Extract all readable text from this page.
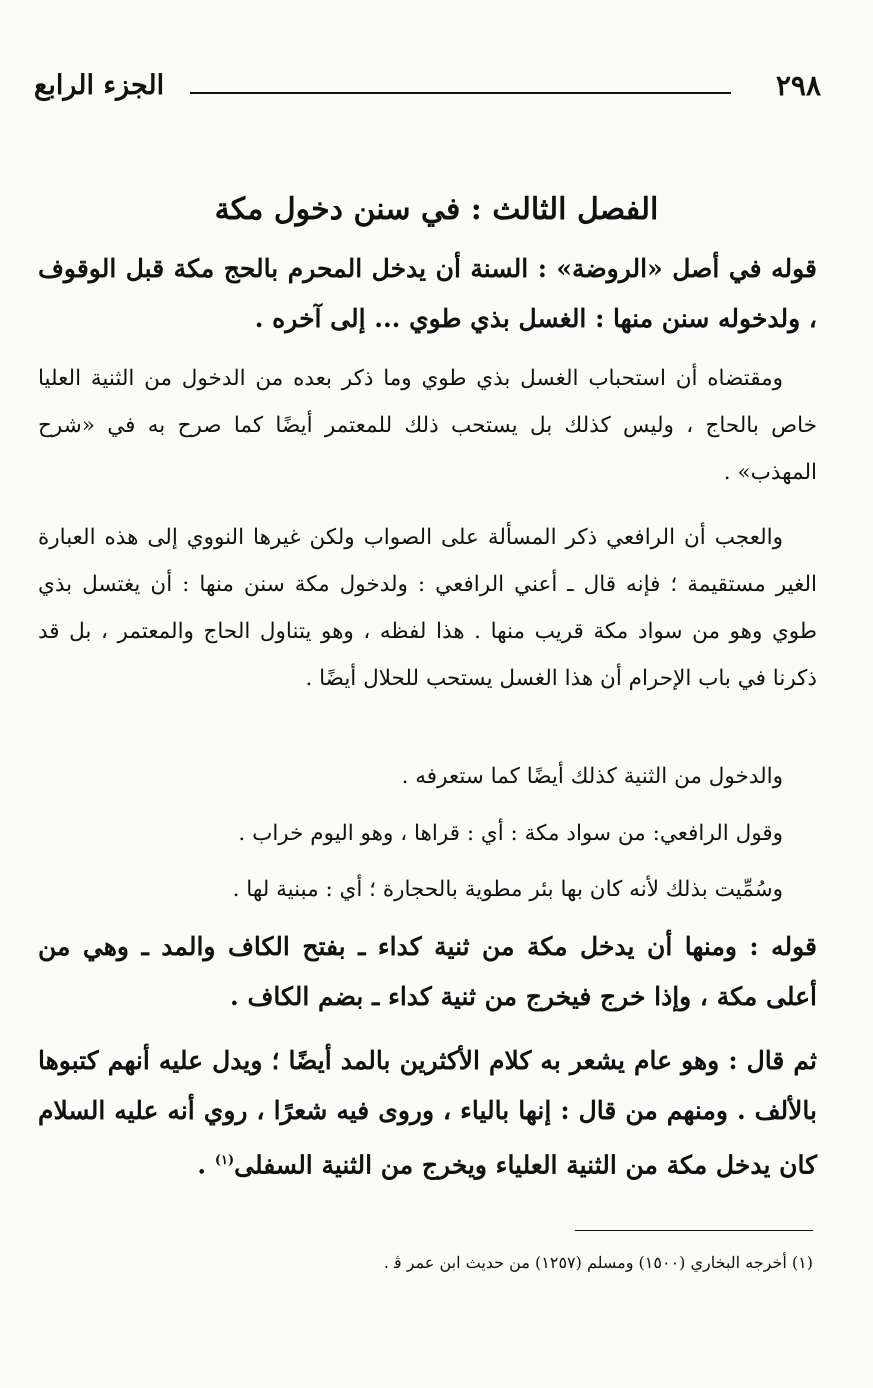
٢٩٨
الجزء الرابع
الفصل الثالث : في سنن دخول مكة

قوله في أصل «الروضة» : السنة أن يدخل المحرم بالحج مكة قبل الوقوف ، ولدخوله سنن منها : الغسل بذي طوي ... إلى آخره .

ومقتضاه أن استحباب الغسل بذي طوي وما ذكر بعده من الدخول من الثنية العليا خاص بالحاج ، وليس كذلك بل يستحب ذلك للمعتمر أيضًا كما صرح به في «شرح المهذب» .

والعجب أن الرافعي ذكر المسألة على الصواب ولكن غيرها النووي إلى هذه العبارة الغير مستقيمة ؛ فإنه قال ـ أعني الرافعي : ولدخول مكة سنن منها : أن يغتسل بذي طوي وهو من سواد مكة قريب منها . هذا لفظه ، وهو يتناول الحاج والمعتمر ، بل قد ذكرنا في باب الإحرام أن هذا الغسل يستحب للحلال أيضًا .

والدخول من الثنية كذلك أيضًا كما ستعرفه .

وقول الرافعي: من سواد مكة : أي : قراها ، وهو اليوم خراب .

وسُمِّيت بذلك لأنه كان بها بئر مطوية بالحجارة ؛ أي : مبنية لها .

قوله : ومنها أن يدخل مكة من ثنية كداء ـ بفتح الكاف والمد ـ وهي من أعلى مكة ، وإذا خرج فيخرج من ثنية كداء ـ بضم الكاف .

ثم قال : وهو عام يشعر به كلام الأكثرين بالمد أيضًا ؛ ويدل عليه أنهم كتبوها بالألف . ومنهم من قال : إنها بالياء ، وروى فيه شعرًا ، روي أنه عليه السلام كان يدخل مكة من الثنية العلياء ويخرج من الثنية السفلى$^{(١)}$ .

(١) أخرجه البخاري (١٥٠٠) ومسلم (١٢٥٧) من حديث ابن عمر ﭬ .
